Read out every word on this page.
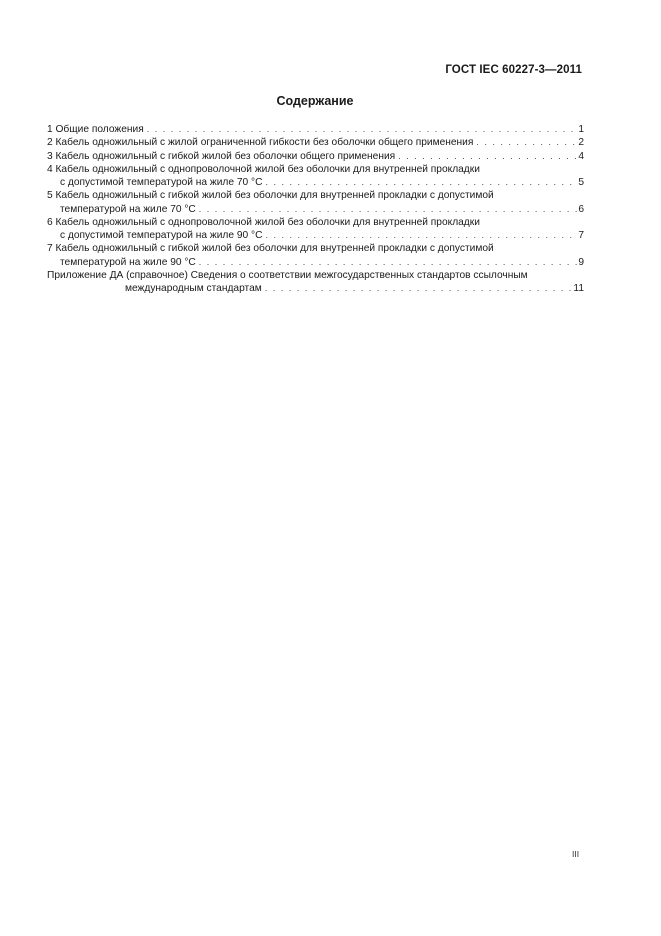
ГОСТ IEC 60227-3—2011
Содержание
1 Общие положения . . .	1
2 Кабель одножильный с жилой ограниченной гибкости без оболочки общего применения . . .	2
3 Кабель одножильный с гибкой жилой без оболочки общего применения . . .	4
4 Кабель одножильный с однопроволочной жилой без оболочки для внутренней прокладки
с допустимой температурой на жиле 70 °С . . .	5
5 Кабель одножильный с гибкой жилой без оболочки для внутренней прокладки с допустимой
температурой на жиле 70 °С . . .	6
6 Кабель одножильный с однопроволочной жилой без оболочки для внутренней прокладки
с допустимой температурой на жиле 90 °С . . .	7
7 Кабель одножильный с гибкой жилой без оболочки для внутренней прокладки с допустимой
температурой на жиле 90 °С . . .	9
Приложение ДА (справочное) Сведения о соответствии межгосударственных стандартов ссылочным
международным стандартам . . .	11
III
